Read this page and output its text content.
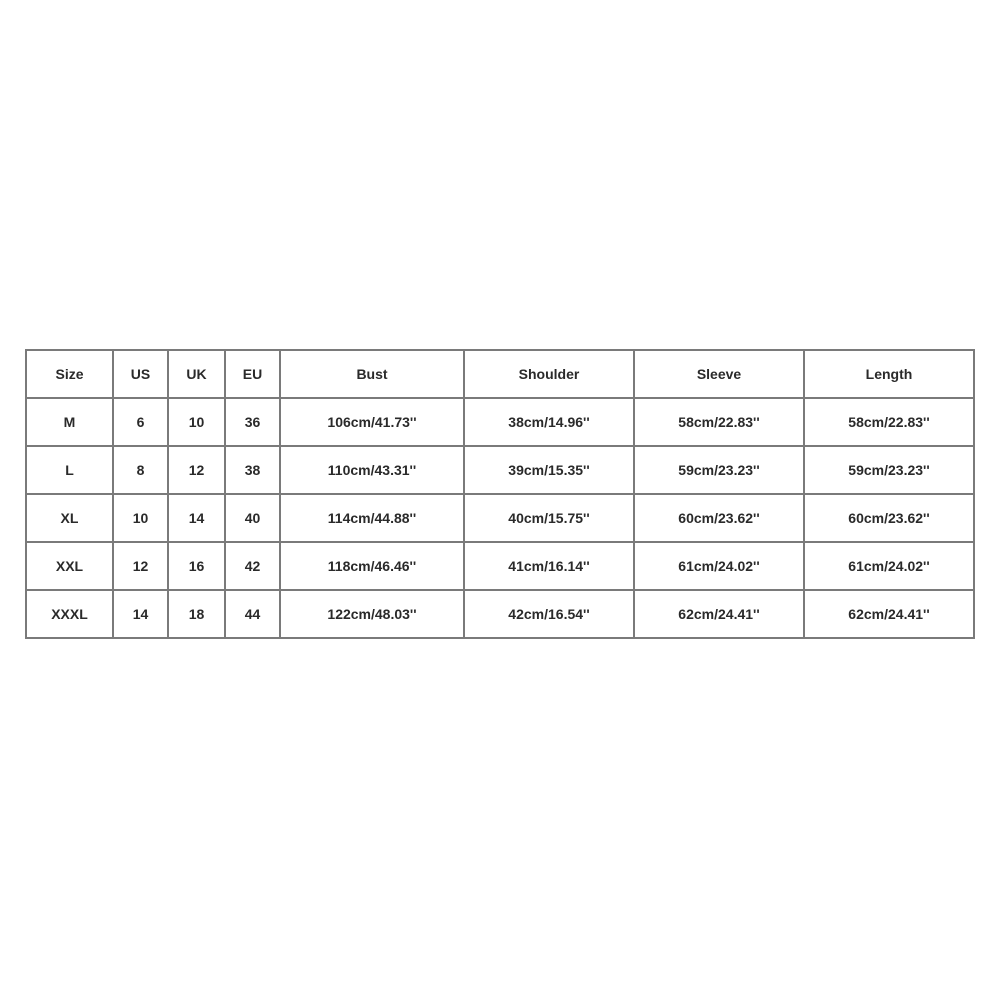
Size	US	UK	EU	Bust	Shoulder	Sleeve	Length
M	6	10	36	106cm/41.73''	38cm/14.96''	58cm/22.83''	58cm/22.83''
L	8	12	38	110cm/43.31''	39cm/15.35''	59cm/23.23''	59cm/23.23''
XL	10	14	40	114cm/44.88''	40cm/15.75''	60cm/23.62''	60cm/23.62''
XXL	12	16	42	118cm/46.46''	41cm/16.14''	61cm/24.02''	61cm/24.02''
XXXL	14	18	44	122cm/48.03''	42cm/16.54''	62cm/24.41''	62cm/24.41''
